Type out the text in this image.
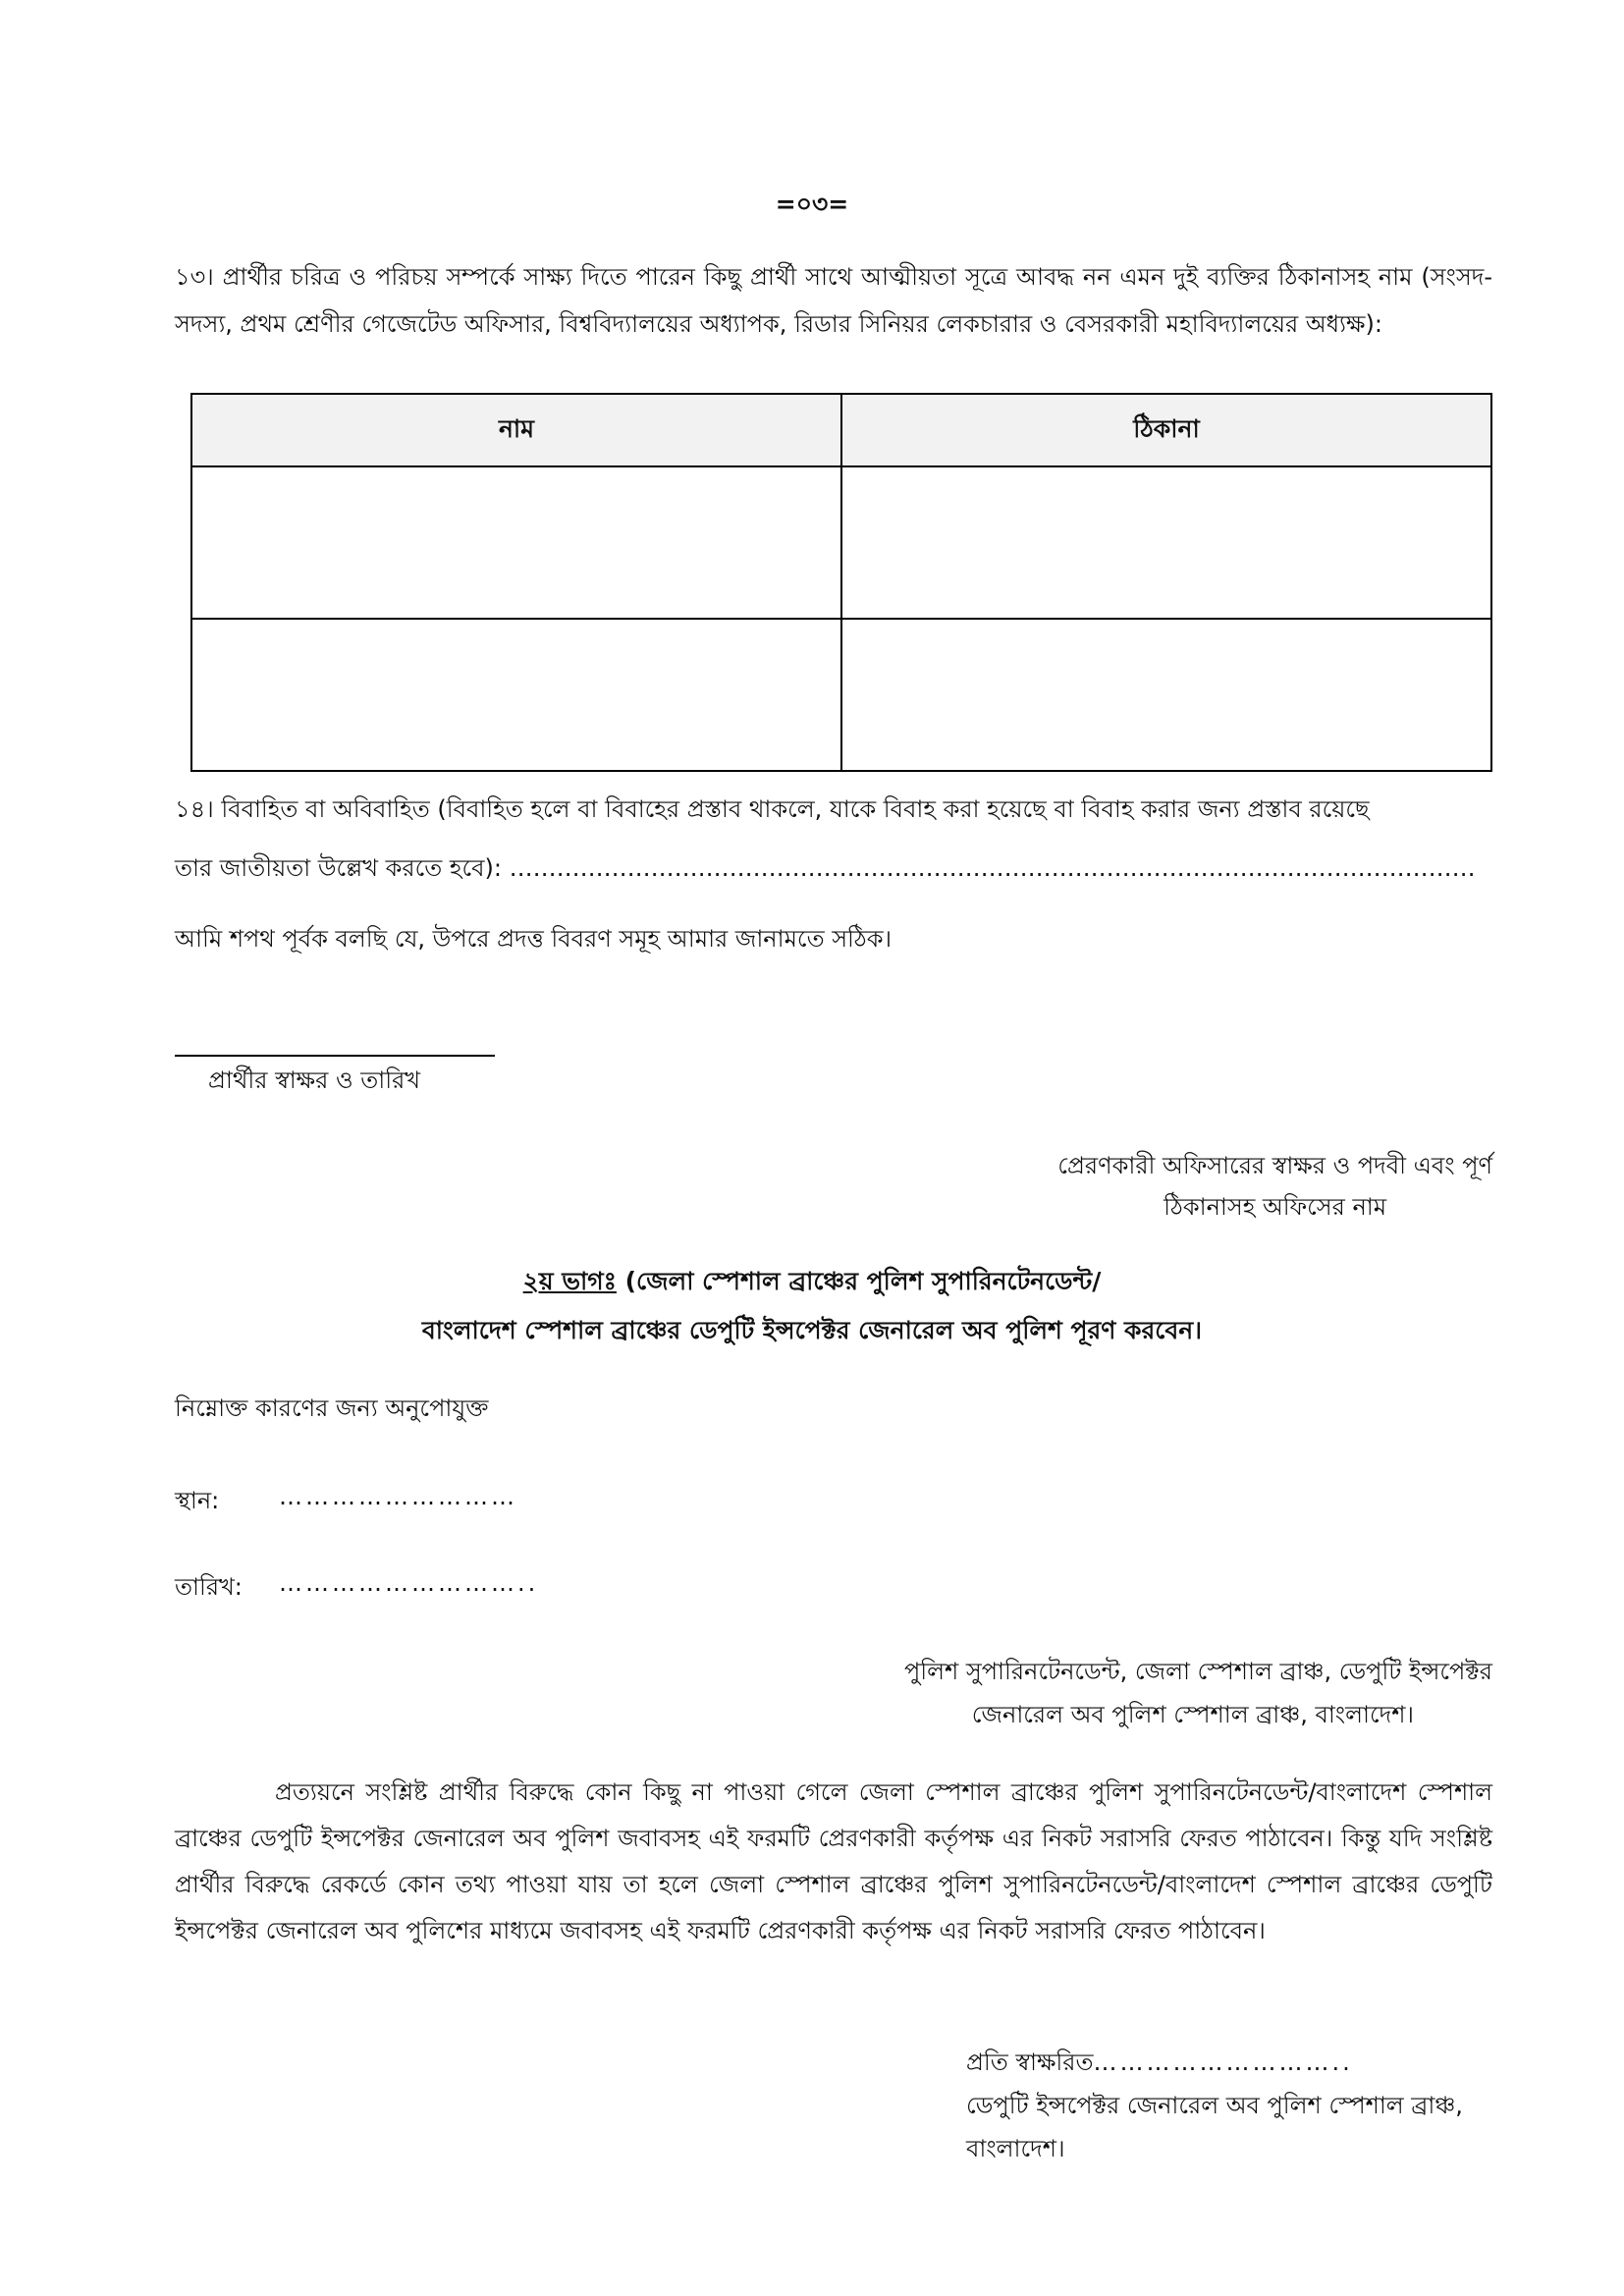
=০৩=
১৩। প্রার্থীর চরিত্র ও পরিচয় সম্পর্কে সাক্ষ্য দিতে পারেন কিছু প্রার্থী সাথে আত্মীয়তা সূত্রে আবদ্ধ নন এমন দুই ব্যক্তির ঠিকানাসহ নাম (সংসদ-সদস্য, প্রথম শ্রেণীর গেজেটেড অফিসার, বিশ্ববিদ্যালয়ের অধ্যাপক, রিডার সিনিয়র লেকচারার ও বেসরকারী মহাবিদ্যালয়ের অধ্যক্ষ):
নাম	ঠিকানা

১৪। বিবাহিত বা অবিবাহিত (বিবাহিত হলে বা বিবাহের প্রস্তাব থাকলে, যাকে বিবাহ করা হয়েছে বা বিবাহ করার জন্য প্রস্তাব রয়েছে
তার জাতীয়তা উল্লেখ করতে হবে): ……………………………………………………………………………………………………………
আমি শপথ পূর্বক বলছি যে, উপরে প্রদত্ত বিবরণ সমূহ আমার জানামতে সঠিক।
প্রার্থীর স্বাক্ষর ও তারিখ
প্রেরণকারী অফিসারের স্বাক্ষর ও পদবী এবং পূর্ণ
ঠিকানাসহ অফিসের নাম
২য় ভাগঃ (জেলা স্পেশাল ব্রাঞ্চের পুলিশ সুপারিনটেনডেন্ট/
বাংলাদেশ স্পেশাল ব্রাঞ্চের ডেপুটি ইন্সপেক্টর জেনারেল অব পুলিশ পূরণ করবেন।
নিম্নোক্ত কারণের জন্য অনুপোযুক্ত
স্থান:	………………………
তারিখ: ………………………..
পুলিশ সুপারিনটেনডেন্ট, জেলা স্পেশাল ব্রাঞ্চ, ডেপুটি ইন্সপেক্টর
জেনারেল অব পুলিশ স্পেশাল ব্রাঞ্চ, বাংলাদেশ।
প্রত্যয়নে সংশ্লিষ্ট প্রার্থীর বিরুদ্ধে কোন কিছু না পাওয়া গেলে জেলা স্পেশাল ব্রাঞ্চের পুলিশ সুপারিনটেনডেন্ট/বাংলাদেশ স্পেশাল ব্রাঞ্চের ডেপুটি ইন্সপেক্টর জেনারেল অব পুলিশ জবাবসহ এই ফরমটি প্রেরণকারী কর্তৃপক্ষ এর নিকট সরাসরি ফেরত পাঠাবেন। কিন্তু যদি সংশ্লিষ্ট প্রার্থীর বিরুদ্ধে রেকর্ডে কোন তথ্য পাওয়া যায় তা হলে জেলা স্পেশাল ব্রাঞ্চের পুলিশ সুপারিনটেনডেন্ট/বাংলাদেশ স্পেশাল ব্রাঞ্চের ডেপুটি ইন্সপেক্টর জেনারেল অব পুলিশের মাধ্যমে জবাবসহ এই ফরমটি প্রেরণকারী কর্তৃপক্ষ এর নিকট সরাসরি ফেরত পাঠাবেন।
প্রতি স্বাক্ষরিত………………………..
ডেপুটি ইন্সপেক্টর জেনারেল অব পুলিশ স্পেশাল ব্রাঞ্চ,
বাংলাদেশ।
